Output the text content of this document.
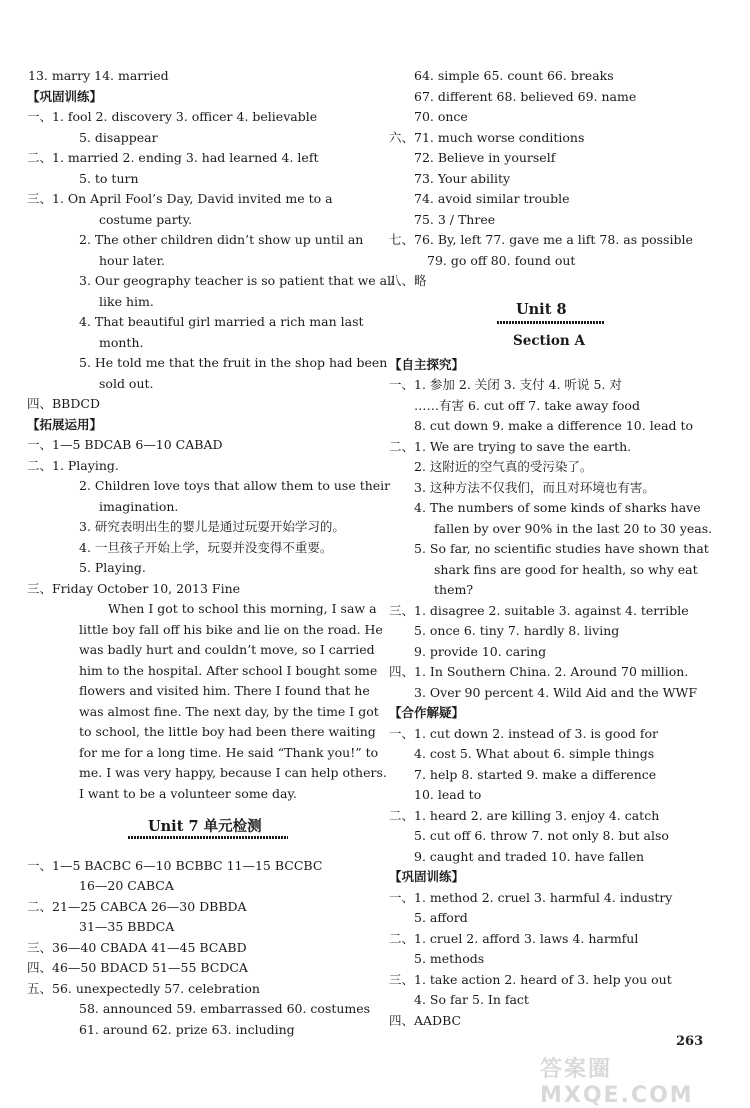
13. marry 14. married
【巩固训练】
一、1. fool 2. discovery 3. officer 4. believable
5. disappear
二、1. married 2. ending 3. had learned 4. left
5. to turn
三、1. On April Fool’s Day, David invited me to a
costume party.
2. The other children didn’t show up until an
hour later.
3. Our geography teacher is so patient that we all
like him.
4. That beautiful girl married a rich man last
month.
5. He told me that the fruit in the shop had been
sold out.
四、BBDCD
【拓展运用】
一、1—5 BDCAB 6—10 CABAD
二、1. Playing.
2. Children love toys that allow them to use their
imagination.
3. 研究表明出生的婴儿是通过玩耍开始学习的。
4. 一旦孩子开始上学，玩耍并没变得不重要。
5. Playing.
三、Friday October 10, 2013 Fine
When I got to school this morning, I saw a
little boy fall off his bike and lie on the road. He
was badly hurt and couldn’t move, so I carried
him to the hospital. After school I bought some
flowers and visited him. There I found that he
was almost fine. The next day, by the time I got
to school, the little boy had been there waiting
for me for a long time. He said “Thank you!” to
me. I was very happy, because I can help others.
I want to be a volunteer some day.
一、1—5 BACBC 6—10 BCBBC 11—15 BCCBC
16—20 CABCA
二、21—25 CABCA 26—30 DBBDA
31—35 BBDCA
三、36—40 CBADA 41—45 BCABD
四、46—50 BDACD 51—55 BCDCA
五、56. unexpectedly 57. celebration
58. announced 59. embarrassed 60. costumes
61. around 62. prize 63. including
64. simple 65. count 66. breaks
67. different 68. believed 69. name
70. once
六、71. much worse conditions
72. Believe in yourself
73. Your ability
74. avoid similar trouble
75. 3 / Three
七、76. By, left 77. gave me a lift 78. as possible
79. go off 80. found out
八、略
【自主探究】
一、1. 参加 2. 关闭 3. 支付 4. 听说 5. 对
……有害 6. cut off 7. take away food
8. cut down 9. make a difference 10. lead to
二、1. We are trying to save the earth.
2. 这附近的空气真的受污染了。
3. 这种方法不仅我们，而且对环境也有害。
4. The numbers of some kinds of sharks have
fallen by over 90% in the last 20 to 30 yeas.
5. So far, no scientific studies have shown that
shark fins are good for health, so why eat
them?
三、1. disagree 2. suitable 3. against 4. terrible
5. once 6. tiny 7. hardly 8. living
9. provide 10. caring
四、1. In Southern China. 2. Around 70 million.
3. Over 90 percent 4. Wild Aid and the WWF
【合作解疑】
一、1. cut down 2. instead of 3. is good for
4. cost 5. What about 6. simple things
7. help 8. started 9. make a difference
10. lead to
二、1. heard 2. are killing 3. enjoy 4. catch
5. cut off 6. throw 7. not only 8. but also
9. caught and traded 10. have fallen
【巩固训练】
一、1. method 2. cruel 3. harmful 4. industry
5. afford
二、1. cruel 2. afford 3. laws 4. harmful
5. methods
三、1. take action 2. heard of 3. help you out
4. So far 5. In fact
四、AADBC
Unit 7 单元检测
Unit 8
Section A
263
答案圈 MXQE.COM
